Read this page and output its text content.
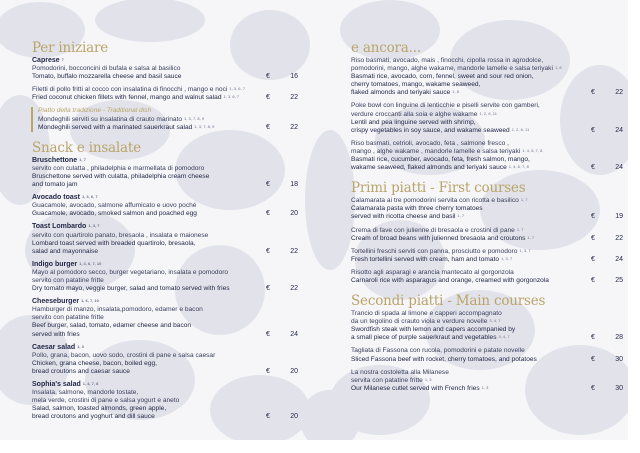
Per iniziare
Caprese $^7$
Pomodorini, bocconcini di bufala e salsa al basilico
Tomato, buffalo mozzarella cheese and basil sauce	€	16
Filetti di pollo fritti al cocco con insalatina di finocchi , mango e noci $^{1, 3, 6, 7}$
Fried coconut chicken fillets with fennel, mango and walnut salad $^{1, 3, 6, 7}$	€	22
Piatto della tradizione - Traditional dish
Mondeghili serviti su insalatina di crauto marinato $^{1, 3, 7, 8, 9}$
Mondeghili served with a marinated sauerkraut salad $^{1, 3, 7, 8, 9}$	€	22
Snack e insalate
Bruschettone $^{1, 7}$
servito con culatta , philadelphia e marmellata di pomodoro
Bruschettone served with culatta, philadelphia cream cheese
and tomato jam	€	18
Avocado toast $^{1, 3, 6, 7}$
Guacamole, avocado, salmone affumicato e uovo poché
Guacamole, avocado, smoked salmon and poached egg	€	20
Toast Lombardo $^{1, 3, 7}$
servito con quartirolo panato, bresaola , insalata e maionese
Lombard toast served with breaded quartirolo, bresaola,
salad and mayonnaise	€	22
Indigo burger $^{1, 3, 6, 7, 10}$
Mayo al pomodoro secco, burger vegetariano, insalata e pomodoro
servito con patatine fritte
Dry tomato mayo, veggie burger, salad and tomato served with fries	€	22
Cheeseburger $^{1, 6, 7, 10}$
Hamburger di manzo, insalata,pomodoro, edamer e bacon
servito con patatine fritte
Beef burger, salad, tomato, edamer cheese and bacon
served with fries	€	24
Caesar salad $^{1, 3}$
Pollo, grana, bacon, uovo sodo, crostini di pane e salsa caesar
Chicken, grana cheese, bacon, boiled egg,
bread croutons and caesar sauce	€	20
Sophia's salad $^{1, 4, 7, 8}$
Insalata, salmone, mandorle tostate,
mela verde, crostini di pane e salsa yogurt e aneto
Salad, salmon, toasted almonds, green apple,
bread croutons and yoghurt and dill sauce	€	20
e ancora...
Riso basmati, avocado, mais , finocchi, cipolla rossa in agrodolce,
pomodorini, mango, alghe wakame, mandorle lamelle e salsa teriyaki $^{1, 8}$
Basmati rice, avocado, corn, fennel, sweet and sour red onion,
cherry tomatoes, mango, wakame seaweed,
flaked almonds and teriyaki sauce $^{1, 8}$	€	22
Poke bowl con linguine di lenticchie e piselli servite con gamberi,
verdure croccanti alla soia e alghe wakame $^{1, 2, 6, 11}$
Lentil and pea linguine served with shrimp,
crispy vegetables in soy sauce, and wakame seaweed $^{1, 2, 6, 11}$	€	24
Riso basmati, cetrioli, avocado, feta , salmone fresco ,
mango , alghe wakame , mandorle lamelle e salsa teriyaki $^{1, 4, 6, 7, 8}$
Basmati rice, cucumber, avocado, feta, fresh salmon, mango,
wakame seaweed, flaked almonds and teriyaki sauce $^{1, 4, 6, 7, 8}$	€	24
Primi piatti - First courses
Calamarata ai tre pomodorini servita con ricotta e basilico $^{1, 7}$
Calamarata pasta with three cherry tomatoes
served with ricotta cheese and basil $^{1, 7}$	€	19
Crema di fave con julienne di bresaola e crostini di pane $^{1, 7}$
Cream of broad beans with julienned bresaola and croutons $^{1, 7}$	€	22
Tortellini freschi serviti con panna, prosciutto e pomodoro $^{1, 3, 7}$
Fresh tortellini served with cream, ham and tomato $^{1, 3, 7}$	€	24
Risotto agli asparagi e arancia mantecato al gorgonzola
Carnaroli rice with asparagus and orange, creamed with gorgonzola	€	25
Secondi piatti - Main courses
Trancio di spada al limone e capperi accompagnato
da un tegolino di crauto viola e verdure novelle $^{3, 4, 7}$
Swordfish steak with lemon and capers accompanied by
a small piece of purple sauerkraut and vegetables $^{3, 4, 7}$	€	28
Tagliata di Fassona con rucola, pomodorini e patate novelle
Sliced Fassona beef with rocket, cherry tomatoes, and potatoes	€	30
La nostra costoletta alla Milanese
servita con patatine fritte $^{1, 3}$
Our Milanese cutlet served with French fries $^{1, 3}$	€	30
